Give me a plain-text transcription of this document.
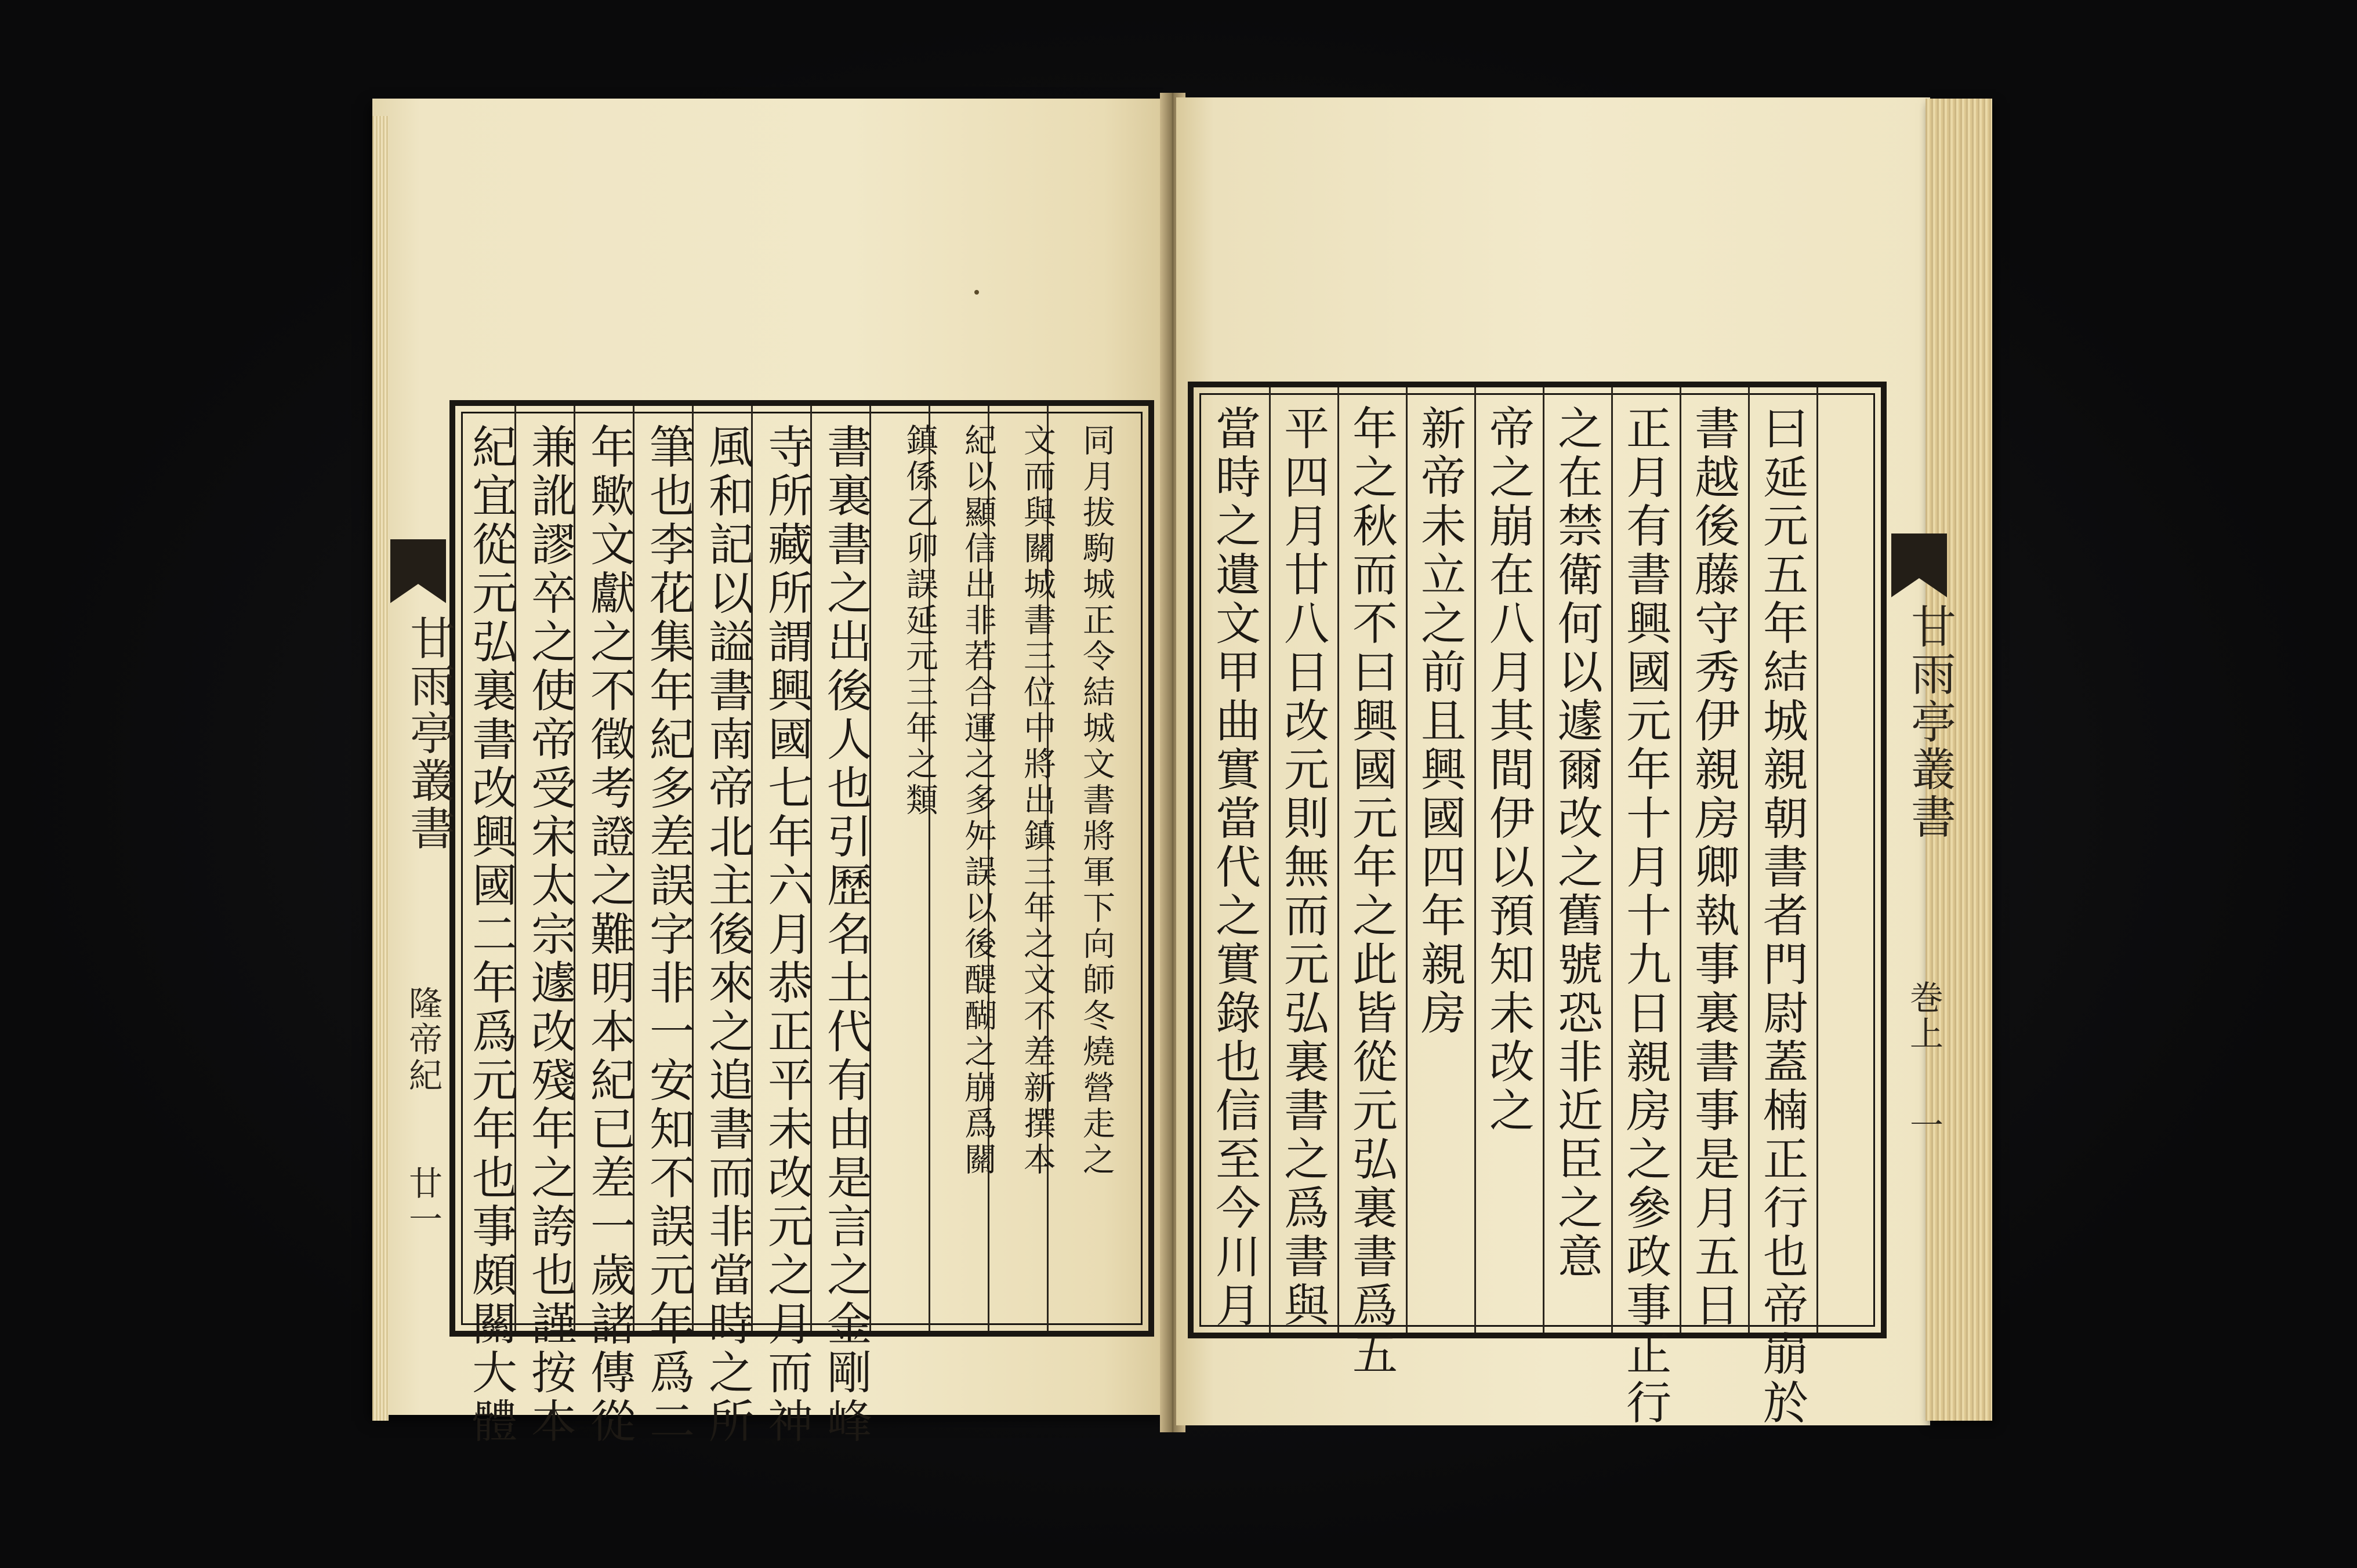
紀宜從元弘裏書改興國二年爲元年也事頗關大體 兼訛謬卒之使帝受宋太宗遽改殘年之誇也謹按本 年歟文獻之不徵考證之難明本紀已差一歲諸傳從 筆也李花集年紀多差誤字非一安知不誤元年爲二 風和記以謚書南帝北主後來之追書而非當時之所 寺所藏所謂興國七年六月恭正平未改元之月而神 書裏書之出後人也引歷名土代有由是言之金剛峰 鎮係乙卯誤延元三年之類 紀以顯信出非若合運之多舛誤以後醍醐之崩爲關 文而與關城書三位中將出鎮三年之文不差新撰本 同月拔駒城正令結城文書將軍下向師冬燒營走之
甘雨亭叢書
隆帝紀
廿一	當時之遺文甲曲實當代之實錄也信至今川月 平四月廿八日改元則無而元弘裏書之爲書與 年之秋而不曰興國元年之此皆從元弘裏書爲五 新帝未立之前且興國四年親房 帝之崩在八月其間伊以預知未改之 之在禁衛何以遽爾改之舊號恐非近臣之意 正月有書興國元年十月十九日親房之參政事正行 書越後藤守秀伊親房卿執事裏書事是月五日 曰延元五年結城親朝書者門尉蓋楠正行也帝崩於 甘雨亭叢書
巻上
一
